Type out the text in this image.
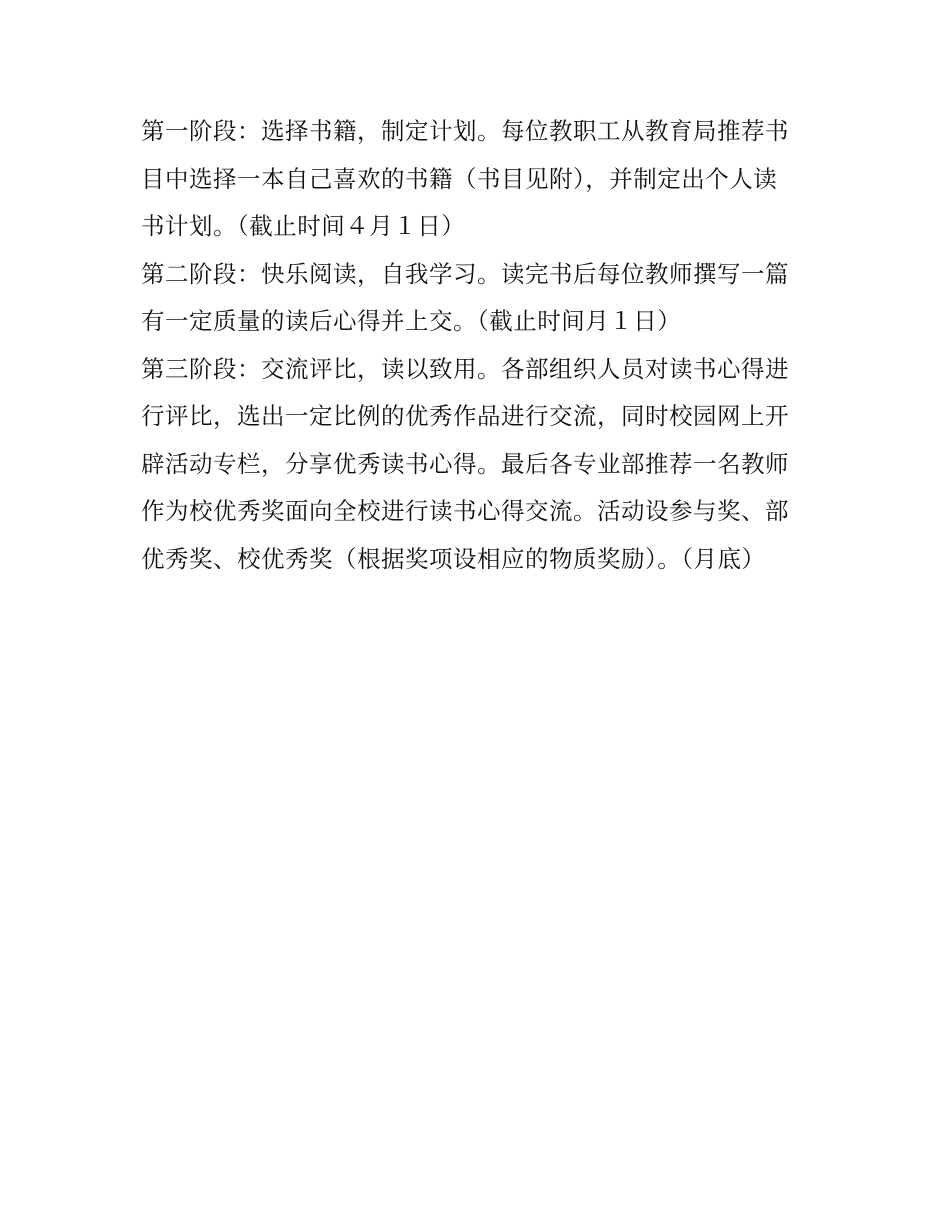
第一阶段：选择书籍，制定计划。每位教职工从教育局推荐书
目中选择一本自己喜欢的书籍（书目见附），并制定出个人读
书计划。（截止时间４月１日）
第二阶段：快乐阅读，自我学习。读完书后每位教师撰写一篇
有一定质量的读后心得并上交。（截止时间月１日）
第三阶段：交流评比，读以致用。各部组织人员对读书心得进
行评比，选出一定比例的优秀作品进行交流，同时校园网上开
辟活动专栏，分享优秀读书心得。最后各专业部推荐一名教师
作为校优秀奖面向全校进行读书心得交流。活动设参与奖、部
优秀奖、校优秀奖（根据奖项设相应的物质奖励）。（月底）
